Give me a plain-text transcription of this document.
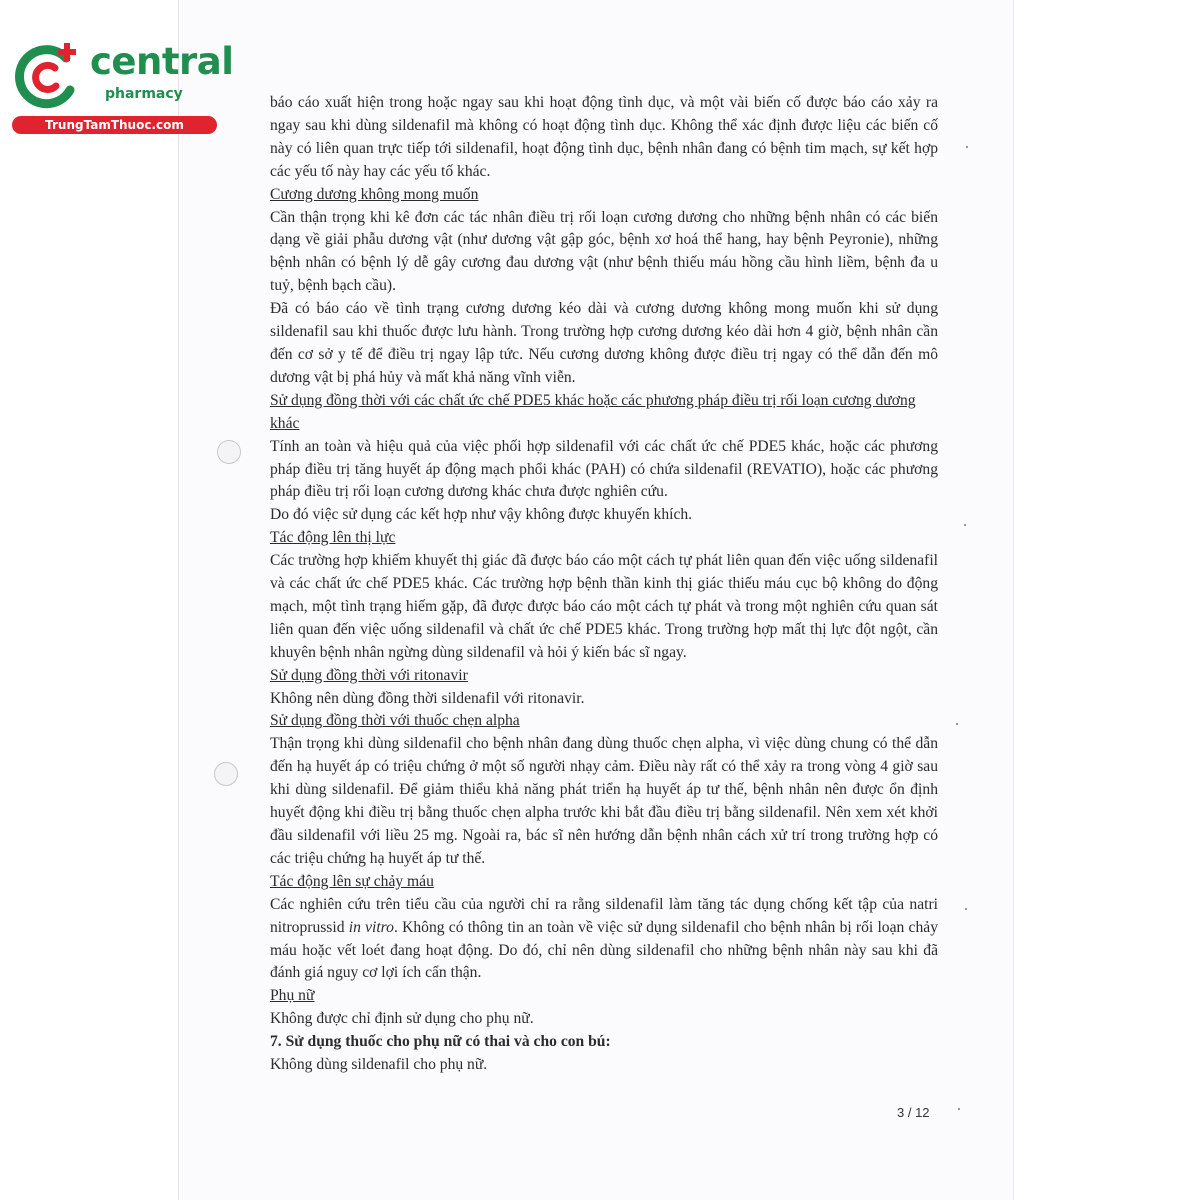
central
pharmacy
TrungTamThuoc.com

báo cáo xuất hiện trong hoặc ngay sau khi hoạt động tình dục, và một vài biến cố được báo cáo xảy ra ngay sau khi dùng sildenafil mà không có hoạt động tình dục. Không thể xác định được liệu các biến cố này có liên quan trực tiếp tới sildenafil, hoạt động tình dục, bệnh nhân đang có bệnh tim mạch, sự kết hợp các yếu tố này hay các yếu tố khác.

Cương dương không mong muốn

Cần thận trọng khi kê đơn các tác nhân điều trị rối loạn cương dương cho những bệnh nhân có các biến dạng về giải phẫu dương vật (như dương vật gập góc, bệnh xơ hoá thể hang, hay bệnh Peyronie), những bệnh nhân có bệnh lý dễ gây cương đau dương vật (như bệnh thiếu máu hồng cầu hình liềm, bệnh đa u tuỷ, bệnh bạch cầu).

Đã có báo cáo về tình trạng cương dương kéo dài và cương dương không mong muốn khi sử dụng sildenafil sau khi thuốc được lưu hành. Trong trường hợp cương dương kéo dài hơn 4 giờ, bệnh nhân cần đến cơ sở y tế để điều trị ngay lập tức. Nếu cương dương không được điều trị ngay có thể dẫn đến mô dương vật bị phá hủy và mất khả năng vĩnh viễn.

Sử dụng đồng thời với các chất ức chế PDE5 khác hoặc các phương pháp điều trị rối loạn cương dương khác

Tính an toàn và hiệu quả của việc phối hợp sildenafil với các chất ức chế PDE5 khác, hoặc các phương pháp điều trị tăng huyết áp động mạch phổi khác (PAH) có chứa sildenafil (REVATIO), hoặc các phương pháp điều trị rối loạn cương dương khác chưa được nghiên cứu.

Do đó việc sử dụng các kết hợp như vậy không được khuyến khích.

Tác động lên thị lực

Các trường hợp khiếm khuyết thị giác đã được báo cáo một cách tự phát liên quan đến việc uống sildenafil và các chất ức chế PDE5 khác. Các trường hợp bệnh thần kinh thị giác thiếu máu cục bộ không do động mạch, một tình trạng hiếm gặp, đã được được báo cáo một cách tự phát và trong một nghiên cứu quan sát liên quan đến việc uống sildenafil và chất ức chế PDE5 khác. Trong trường hợp mất thị lực đột ngột, cần khuyên bệnh nhân ngừng dùng sildenafil và hỏi ý kiến bác sĩ ngay.

Sử dụng đồng thời với ritonavir

Không nên dùng đồng thời sildenafil với ritonavir.

Sử dụng đồng thời với thuốc chẹn alpha

Thận trọng khi dùng sildenafil cho bệnh nhân đang dùng thuốc chẹn alpha, vì việc dùng chung có thể dẫn đến hạ huyết áp có triệu chứng ở một số người nhạy cảm. Điều này rất có thể xảy ra trong vòng 4 giờ sau khi dùng sildenafil. Để giảm thiểu khả năng phát triển hạ huyết áp tư thế, bệnh nhân nên được ổn định huyết động khi điều trị bằng thuốc chẹn alpha trước khi bắt đầu điều trị bằng sildenafil. Nên xem xét khởi đầu sildenafil với liều 25 mg. Ngoài ra, bác sĩ nên hướng dẫn bệnh nhân cách xử trí trong trường hợp có các triệu chứng hạ huyết áp tư thế.

Tác động lên sự chảy máu

Các nghiên cứu trên tiểu cầu của người chỉ ra rằng sildenafil làm tăng tác dụng chống kết tập của natri nitroprussid in vitro. Không có thông tin an toàn về việc sử dụng sildenafil cho bệnh nhân bị rối loạn chảy máu hoặc vết loét đang hoạt động. Do đó, chỉ nên dùng sildenafil cho những bệnh nhân này sau khi đã đánh giá nguy cơ lợi ích cẩn thận.

Phụ nữ

Không được chỉ định sử dụng cho phụ nữ.

7. Sử dụng thuốc cho phụ nữ có thai và cho con bú:

Không dùng sildenafil cho phụ nữ.

3 / 12
